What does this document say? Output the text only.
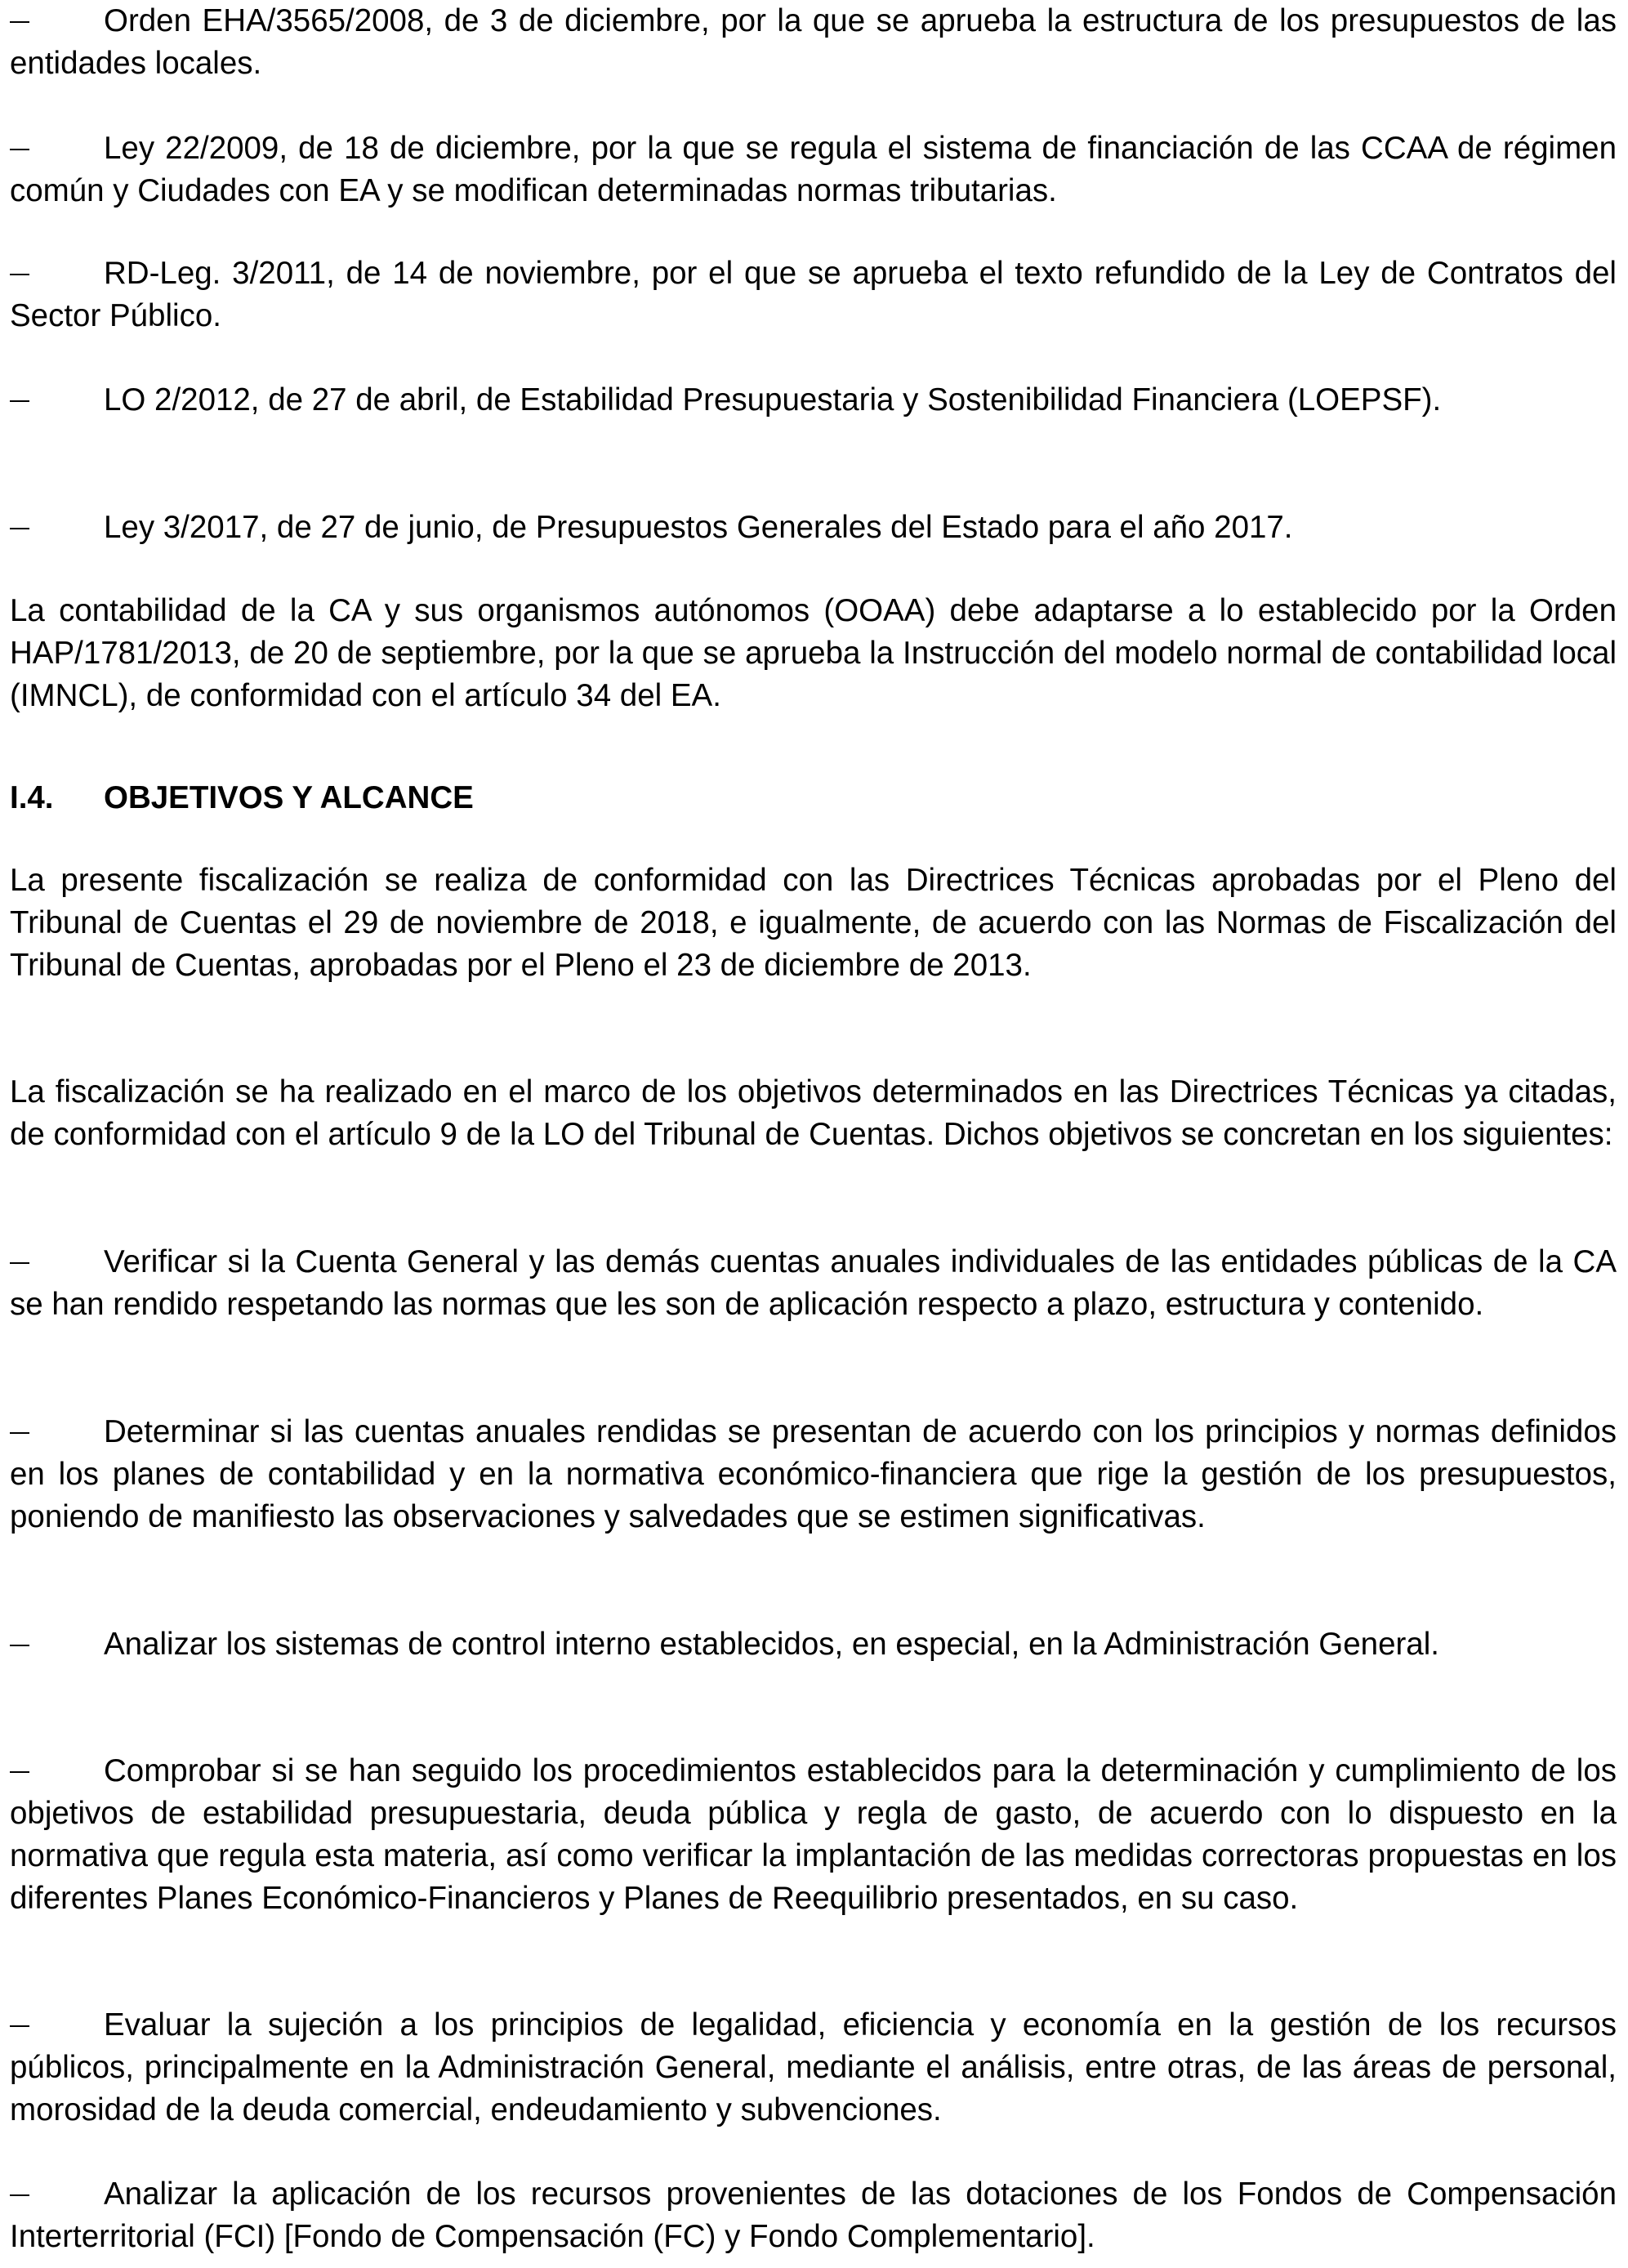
Orden EHA/3565/2008, de 3 de diciembre, por la que se aprueba la estructura de los presupuestos de las entidades locales.

Ley 22/2009, de 18 de diciembre, por la que se regula el sistema de financiación de las CCAA de régimen común y Ciudades con EA y se modifican determinadas normas tributarias.

RD-Leg. 3/2011, de 14 de noviembre, por el que se aprueba el texto refundido de la Ley de Contratos del Sector Público.

LO 2/2012, de 27 de abril, de Estabilidad Presupuestaria y Sostenibilidad Financiera (LOEPSF).

Ley 3/2017, de 27 de junio, de Presupuestos Generales del Estado para el año 2017.

La contabilidad de la CA y sus organismos autónomos (OOAA) debe adaptarse a lo establecido por la Orden HAP/1781/2013, de 20 de septiembre, por la que se aprueba la Instrucción del modelo normal de contabilidad local (IMNCL), de conformidad con el artículo 34 del EA.

I.4.	OBJETIVOS Y ALCANCE

La presente fiscalización se realiza de conformidad con las Directrices Técnicas aprobadas por el Pleno del Tribunal de Cuentas el 29 de noviembre de 2018, e igualmente, de acuerdo con las Normas de Fiscalización del Tribunal de Cuentas, aprobadas por el Pleno el 23 de diciembre de 2013.

La fiscalización se ha realizado en el marco de los objetivos determinados en las Directrices Técnicas ya citadas, de conformidad con el artículo 9 de la LO del Tribunal de Cuentas. Dichos objetivos se concretan en los siguientes:

Verificar si la Cuenta General y las demás cuentas anuales individuales de las entidades públicas de la CA se han rendido respetando las normas que les son de aplicación respecto a plazo, estructura y contenido.

Determinar si las cuentas anuales rendidas se presentan de acuerdo con los principios y normas definidos en los planes de contabilidad y en la normativa económico-financiera que rige la gestión de los presupuestos, poniendo de manifiesto las observaciones y salvedades que se estimen significativas.

Analizar los sistemas de control interno establecidos, en especial, en la Administración General.

Comprobar si se han seguido los procedimientos establecidos para la determinación y cumplimiento de los objetivos de estabilidad presupuestaria, deuda pública y regla de gasto, de acuerdo con lo dispuesto en la normativa que regula esta materia, así como verificar la implantación de las medidas correctoras propuestas en los diferentes Planes Económico-Financieros y Planes de Reequilibrio presentados, en su caso.

Evaluar la sujeción a los principios de legalidad, eficiencia y economía en la gestión de los recursos públicos, principalmente en la Administración General, mediante el análisis, entre otras, de las áreas de personal, morosidad de la deuda comercial, endeudamiento y subvenciones.

Analizar la aplicación de los recursos provenientes de las dotaciones de los Fondos de Compensación Interterritorial (FCI) [Fondo de Compensación (FC) y Fondo Complementario].
